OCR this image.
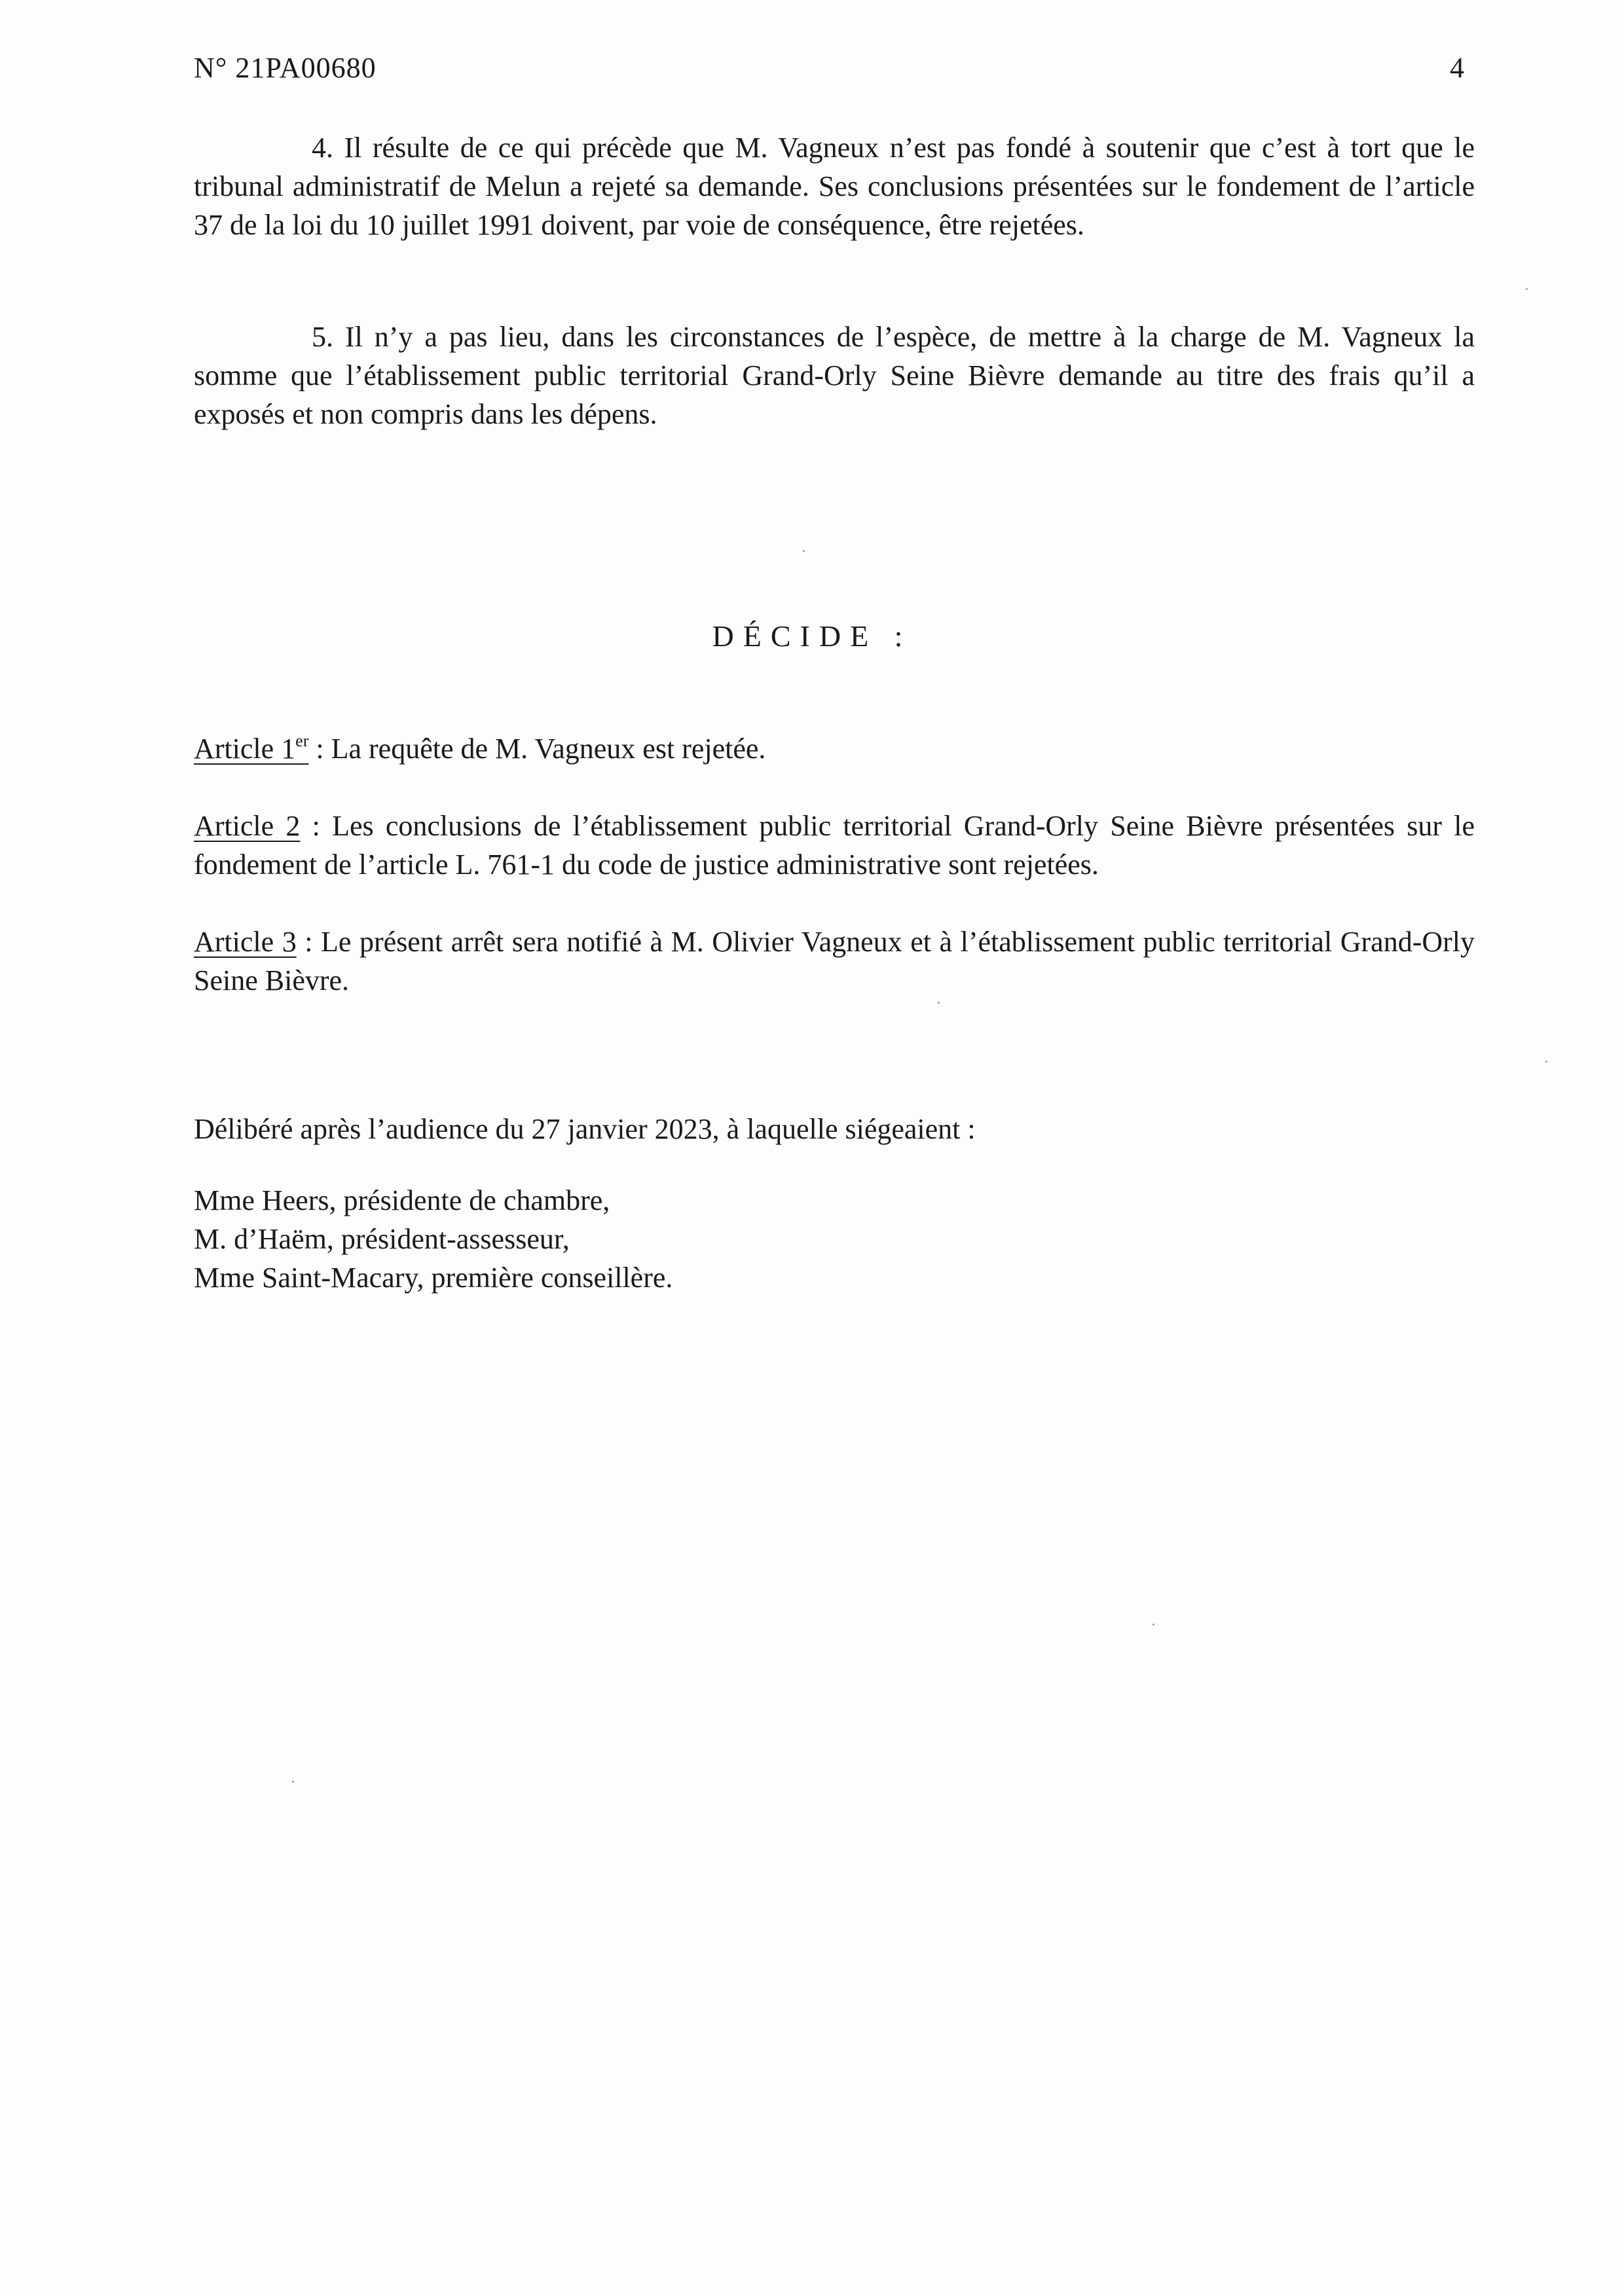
N° 21PA00680	4

4. Il résulte de ce qui précède que M. Vagneux n’est pas fondé à soutenir que c’est à tort que le tribunal administratif de Melun a rejeté sa demande. Ses conclusions présentées sur le fondement de l’article 37 de la loi du 10 juillet 1991 doivent, par voie de conséquence, être rejetées.

5. Il n’y a pas lieu, dans les circonstances de l’espèce, de mettre à la charge de M. Vagneux la somme que l’établissement public territorial Grand-Orly Seine Bièvre demande au titre des frais qu’il a exposés et non compris dans les dépens.

DÉCIDE :

Article 1er : La requête de M. Vagneux est rejetée.

Article 2 : Les conclusions de l’établissement public territorial Grand-Orly Seine Bièvre présentées sur le fondement de l’article L. 761-1 du code de justice administrative sont rejetées.

Article 3 : Le présent arrêt sera notifié à M. Olivier Vagneux et à l’établissement public territorial Grand-Orly Seine Bièvre.

Délibéré après l’audience du 27 janvier 2023, à laquelle siégeaient :

Mme Heers, présidente de chambre,

M. d’Haëm, président-assesseur,

Mme Saint-Macary, première conseillère.
